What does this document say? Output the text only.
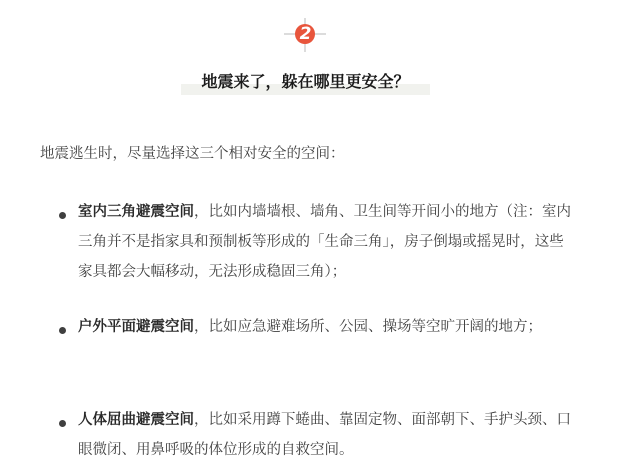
2
地震来了，躲在哪里更安全？
地震逃生时，尽量选择这三个相对安全的空间：
室内三角避震空间，比如内墙墙根、墙角、卫生间等开间小的地方（注：室内三角并不是指家具和预制板等形成的「生命三角」，房子倒塌或摇晃时，这些家具都会大幅移动，无法形成稳固三角）；
户外平面避震空间，比如应急避难场所、公园、操场等空旷开阔的地方；
人体屈曲避震空间，比如采用蹲下蜷曲、靠固定物、面部朝下、手护头颈、口眼微闭、用鼻呼吸的体位形成的自救空间。
